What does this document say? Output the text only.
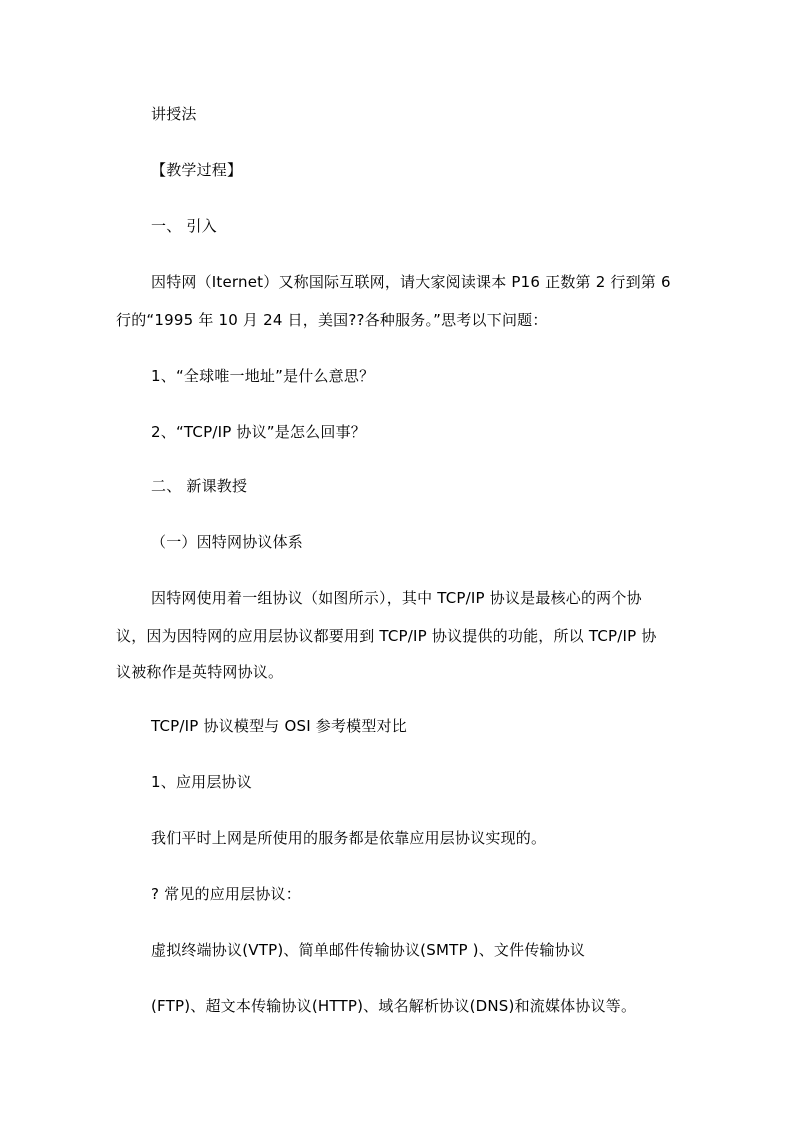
讲授法
【教学过程】
一、 引入
因特网（Iternet）又称国际互联网，请大家阅读课本 P16 正数第 2 行到第 6
行的“1995 年 10 月 24 日，美国??各种服务。”思考以下问题：
1、“全球唯一地址”是什么意思？
2、“TCP/IP 协议”是怎么回事？
二、 新课教授
（一）因特网协议体系
因特网使用着一组协议（如图所示），其中 TCP/IP 协议是最核心的两个协
议，因为因特网的应用层协议都要用到 TCP/IP 协议提供的功能，所以 TCP/IP 协
议被称作是英特网协议。
TCP/IP 协议模型与 OSI 参考模型对比
1、应用层协议
我们平时上网是所使用的服务都是依靠应用层协议实现的。
? 常见的应用层协议：
虚拟终端协议(VTP)、简单邮件传输协议(SMTP )、文件传输协议
(FTP)、超文本传输协议(HTTP)、域名解析协议(DNS)和流媒体协议等。
